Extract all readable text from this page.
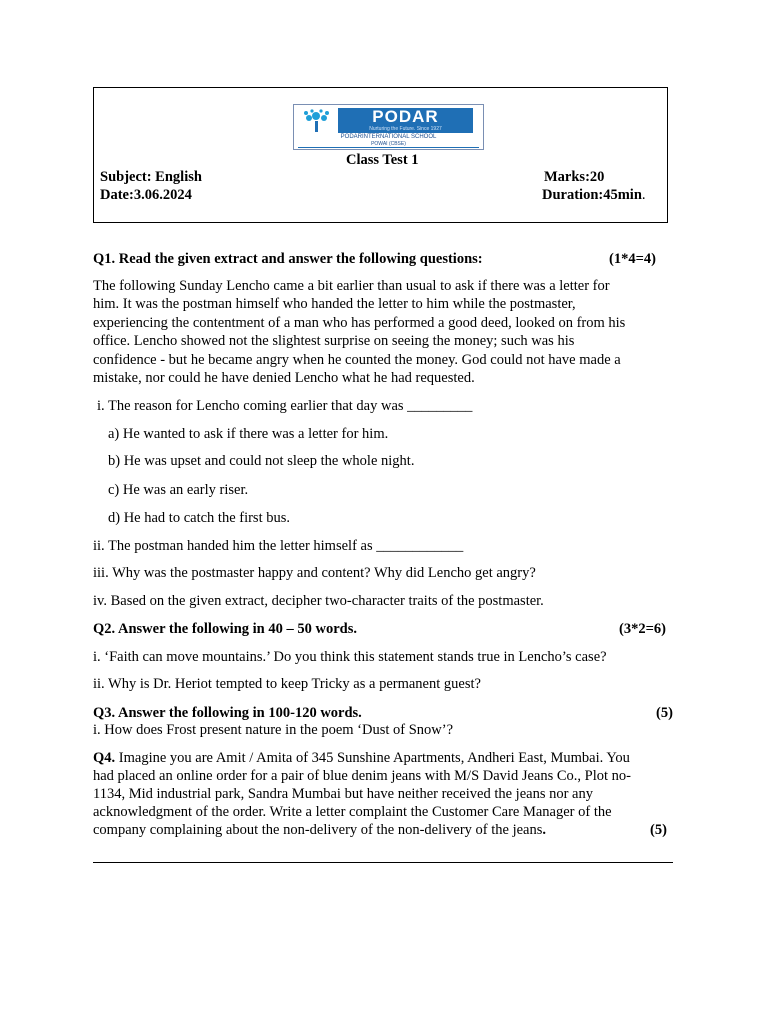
PODAR
Nurturing the Future. Since 1927
PODARINTERNATIONAL SCHOOL
POWAI (CBSE)
Class Test 1
Subject: English	Marks:20
Date:3.06.2024	Duration:45min.
Q1. Read the given extract and answer the following questions:	(1*4=4)
The following Sunday Lencho came a bit earlier than usual to ask if there was a letter for
him. It was the postman himself who handed the letter to him while the postmaster,
experiencing the contentment of a man who has performed a good deed, looked on from his
office. Lencho showed not the slightest surprise on seeing the money; such was his
confidence - but he became angry when he counted the money. God could not have made a
mistake, nor could he have denied Lencho what he had requested.
i. The reason for Lencho coming earlier that day was _________
a) He wanted to ask if there was a letter for him.
b) He was upset and could not sleep the whole night.
c) He was an early riser.
d) He had to catch the first bus.
ii. The postman handed him the letter himself as ____________
iii. Why was the postmaster happy and content? Why did Lencho get angry?
iv. Based on the given extract, decipher two-character traits of the postmaster.
Q2. Answer the following in 40 – 50 words.	(3*2=6)
i. ‘Faith can move mountains.’ Do you think this statement stands true in Lencho’s case?
ii. Why is Dr. Heriot tempted to keep Tricky as a permanent guest?
Q3. Answer the following in 100-120 words.	(5)
i. How does Frost present nature in the poem ‘Dust of Snow’?
Q4. Imagine you are Amit / Amita of 345 Sunshine Apartments, Andheri East, Mumbai. You
had placed an online order for a pair of blue denim jeans with M/S David Jeans Co., Plot no-
1134, Mid industrial park, Sandra Mumbai but have neither received the jeans nor any
acknowledgment of the order. Write a letter complaint the Customer Care Manager of the
company complaining about the non-delivery of the non-delivery of the jeans.	(5)
